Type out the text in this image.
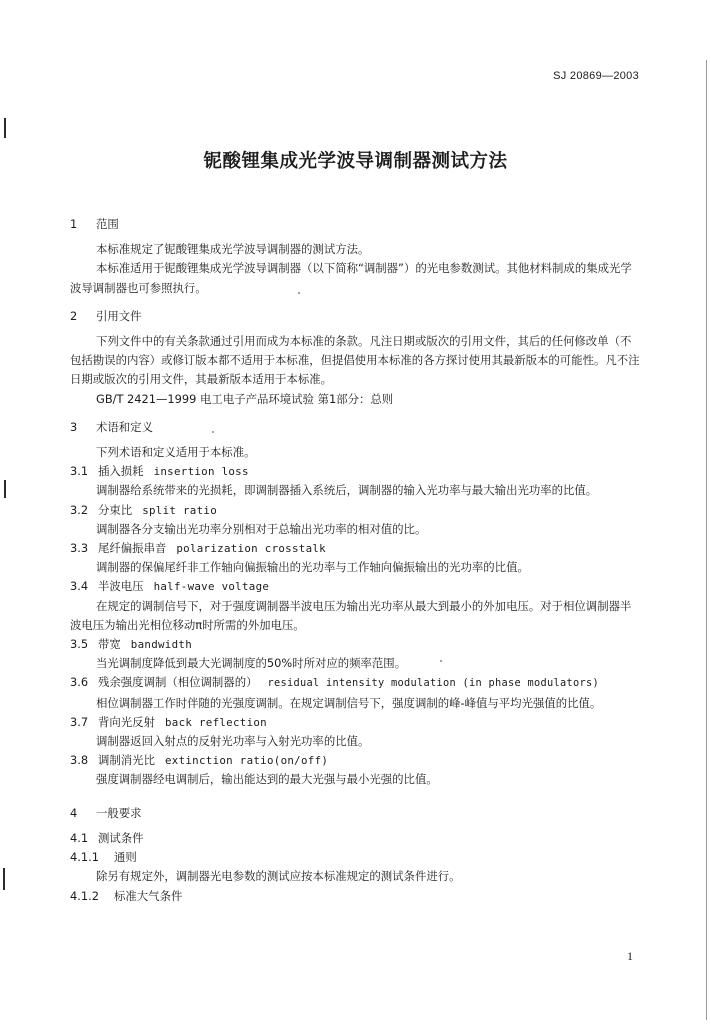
SJ 20869—2003
铌酸锂集成光学波导调制器测试方法

1 范围

本标准规定了铌酸锂集成光学波导调制器的测试方法。

本标准适用于铌酸锂集成光学波导调制器（以下简称“调制器”）的光电参数测试。其他材料制成的集成光学波导调制器也可参照执行。

2 引用文件

下列文件中的有关条款通过引用而成为本标准的条款。凡注日期或版次的引用文件，其后的任何修改单（不包括勘误的内容）或修订版本都不适用于本标准，但提倡使用本标准的各方探讨使用其最新版本的可能性。凡不注日期或版次的引用文件，其最新版本适用于本标准。

GB/T 2421—1999 电工电子产品环境试验 第1部分：总则

3 术语和定义

下列术语和定义适用于本标准。

3.1 插入损耗 insertion loss

调制器给系统带来的光损耗，即调制器插入系统后，调制器的输入光功率与最大输出光功率的比值。

3.2 分束比 split ratio

调制器各分支输出光功率分别相对于总输出光功率的相对值的比。

3.3 尾纤偏振串音 polarization crosstalk

调制器的保偏尾纤非工作轴向偏振输出的光功率与工作轴向偏振输出的光功率的比值。

3.4 半波电压 half-wave voltage

在规定的调制信号下，对于强度调制器半波电压为输出光功率从最大到最小的外加电压。对于相位调制器半波电压为输出光相位移动π时所需的外加电压。

3.5 带宽 bandwidth

当光调制度降低到最大光调制度的50%时所对应的频率范围。

3.6 残余强度调制（相位调制器的） residual intensity modulation (in phase modulators)

相位调制器工作时伴随的光强度调制。在规定调制信号下，强度调制的峰-峰值与平均光强值的比值。

3.7 背向光反射 back reflection

调制器返回入射点的反射光功率与入射光功率的比值。

3.8 调制消光比 extinction ratio(on/off)

强度调制器经电调制后，输出能达到的最大光强与最小光强的比值。

4 一般要求

4.1 测试条件

4.1.1 通则

除另有规定外，调制器光电参数的测试应按本标准规定的测试条件进行。

4.1.2 标准大气条件

1
